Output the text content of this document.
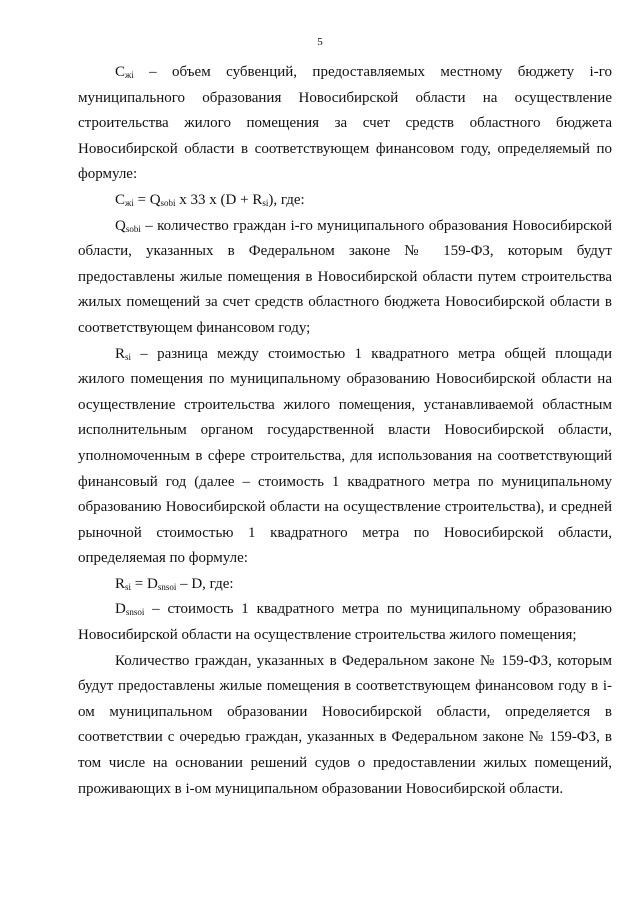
5

$C_{жi}$ – объем субвенций, предоставляемых местному бюджету i-го муниципального образования Новосибирской области на осуществление строительства жилого помещения за счет средств областного бюджета Новосибирской области в соответствующем финансовом году, определяемый по формуле:

$C_{жi} = Q_{sobi}$ x 33 x $(D + R_{si})$, где:

$Q_{sobi}$ – количество граждан i-го муниципального образования Новосибирской области, указанных в Федеральном законе № 159-ФЗ, которым будут предоставлены жилые помещения в Новосибирской области путем строительства жилых помещений за счет средств областного бюджета Новосибирской области в соответствующем финансовом году;

$R_{si}$ – разница между стоимостью 1 квадратного метра общей площади жилого помещения по муниципальному образованию Новосибирской области на осуществление строительства жилого помещения, устанавливаемой областным исполнительным органом государственной власти Новосибирской области, уполномоченным в сфере строительства, для использования на соответствующий финансовый год (далее – стоимость 1 квадратного метра по муниципальному образованию Новосибирской области на осуществление строительства), и средней рыночной стоимостью 1 квадратного метра по Новосибирской области, определяемая по формуле:

$R_{si} = D_{snsoi} - D$, где:

$D_{snsoi}$ – стоимость 1 квадратного метра по муниципальному образованию Новосибирской области на осуществление строительства жилого помещения;

Количество граждан, указанных в Федеральном законе № 159-ФЗ, которым будут предоставлены жилые помещения в соответствующем финансовом году в i-ом муниципальном образовании Новосибирской области, определяется в соответствии с очередью граждан, указанных в Федеральном законе № 159-ФЗ, в том числе на основании решений судов о предоставлении жилых помещений, проживающих в i-ом муниципальном образовании Новосибирской области.
